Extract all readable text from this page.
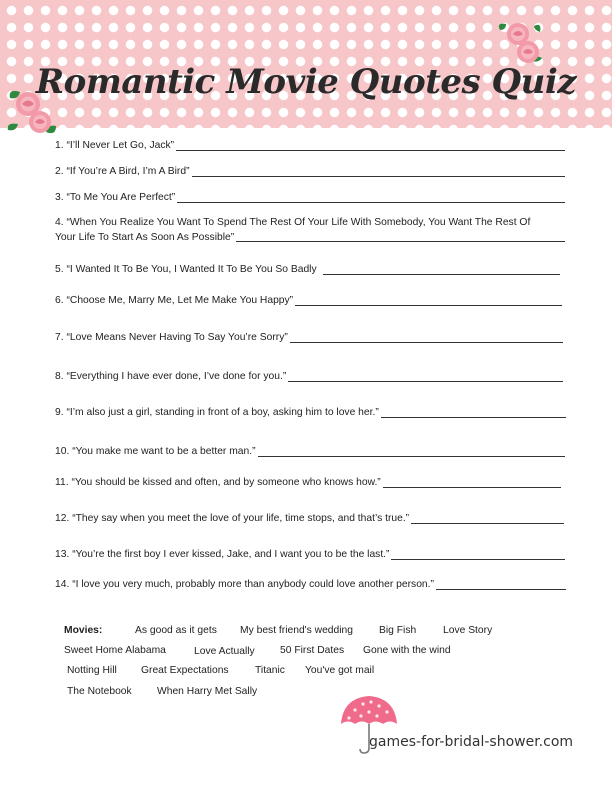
Romantic Movie Quotes Quiz
1.
“I’ll Never Let Go, Jack”
2.
“If You’re A Bird, I’m A Bird”
3.
“To Me You Are Perfect”
4. “When You Realize You Want To Spend The Rest Of Your Life With Somebody, You Want The Rest Of
Your Life To Start As Soon As Possible”
5.
“I Wanted It To Be You, I Wanted It To Be You So Badly
6.
“Choose Me, Marry Me, Let Me Make You Happy”
7.
“Love Means Never Having To Say You’re Sorry”
8.
“Everything I have ever done, I’ve done for you.”
9.
“I’m also just a girl, standing in front of a boy, asking him to love her.”
10.
“You make me want to be a better man.”
11.
“You should be kissed and often, and by someone who knows how.”
12.
“They say when you meet the love of your life, time stops, and that’s true.”
13.
“You’re the first boy I ever kissed, Jake, and I want you to be the last.”
14.
“I love you very much, probably more than anybody could love another person.”
Movies:	As good as it gets My best friend's wedding	Big Fish	Love Story
Sweet Home Alabama	Love Actually 50 First Dates Gone with the wind
Notting Hill Great Expectations	Titanic You've got mail
The Notebook When Harry Met Sally
games-for-bridal-shower.com
